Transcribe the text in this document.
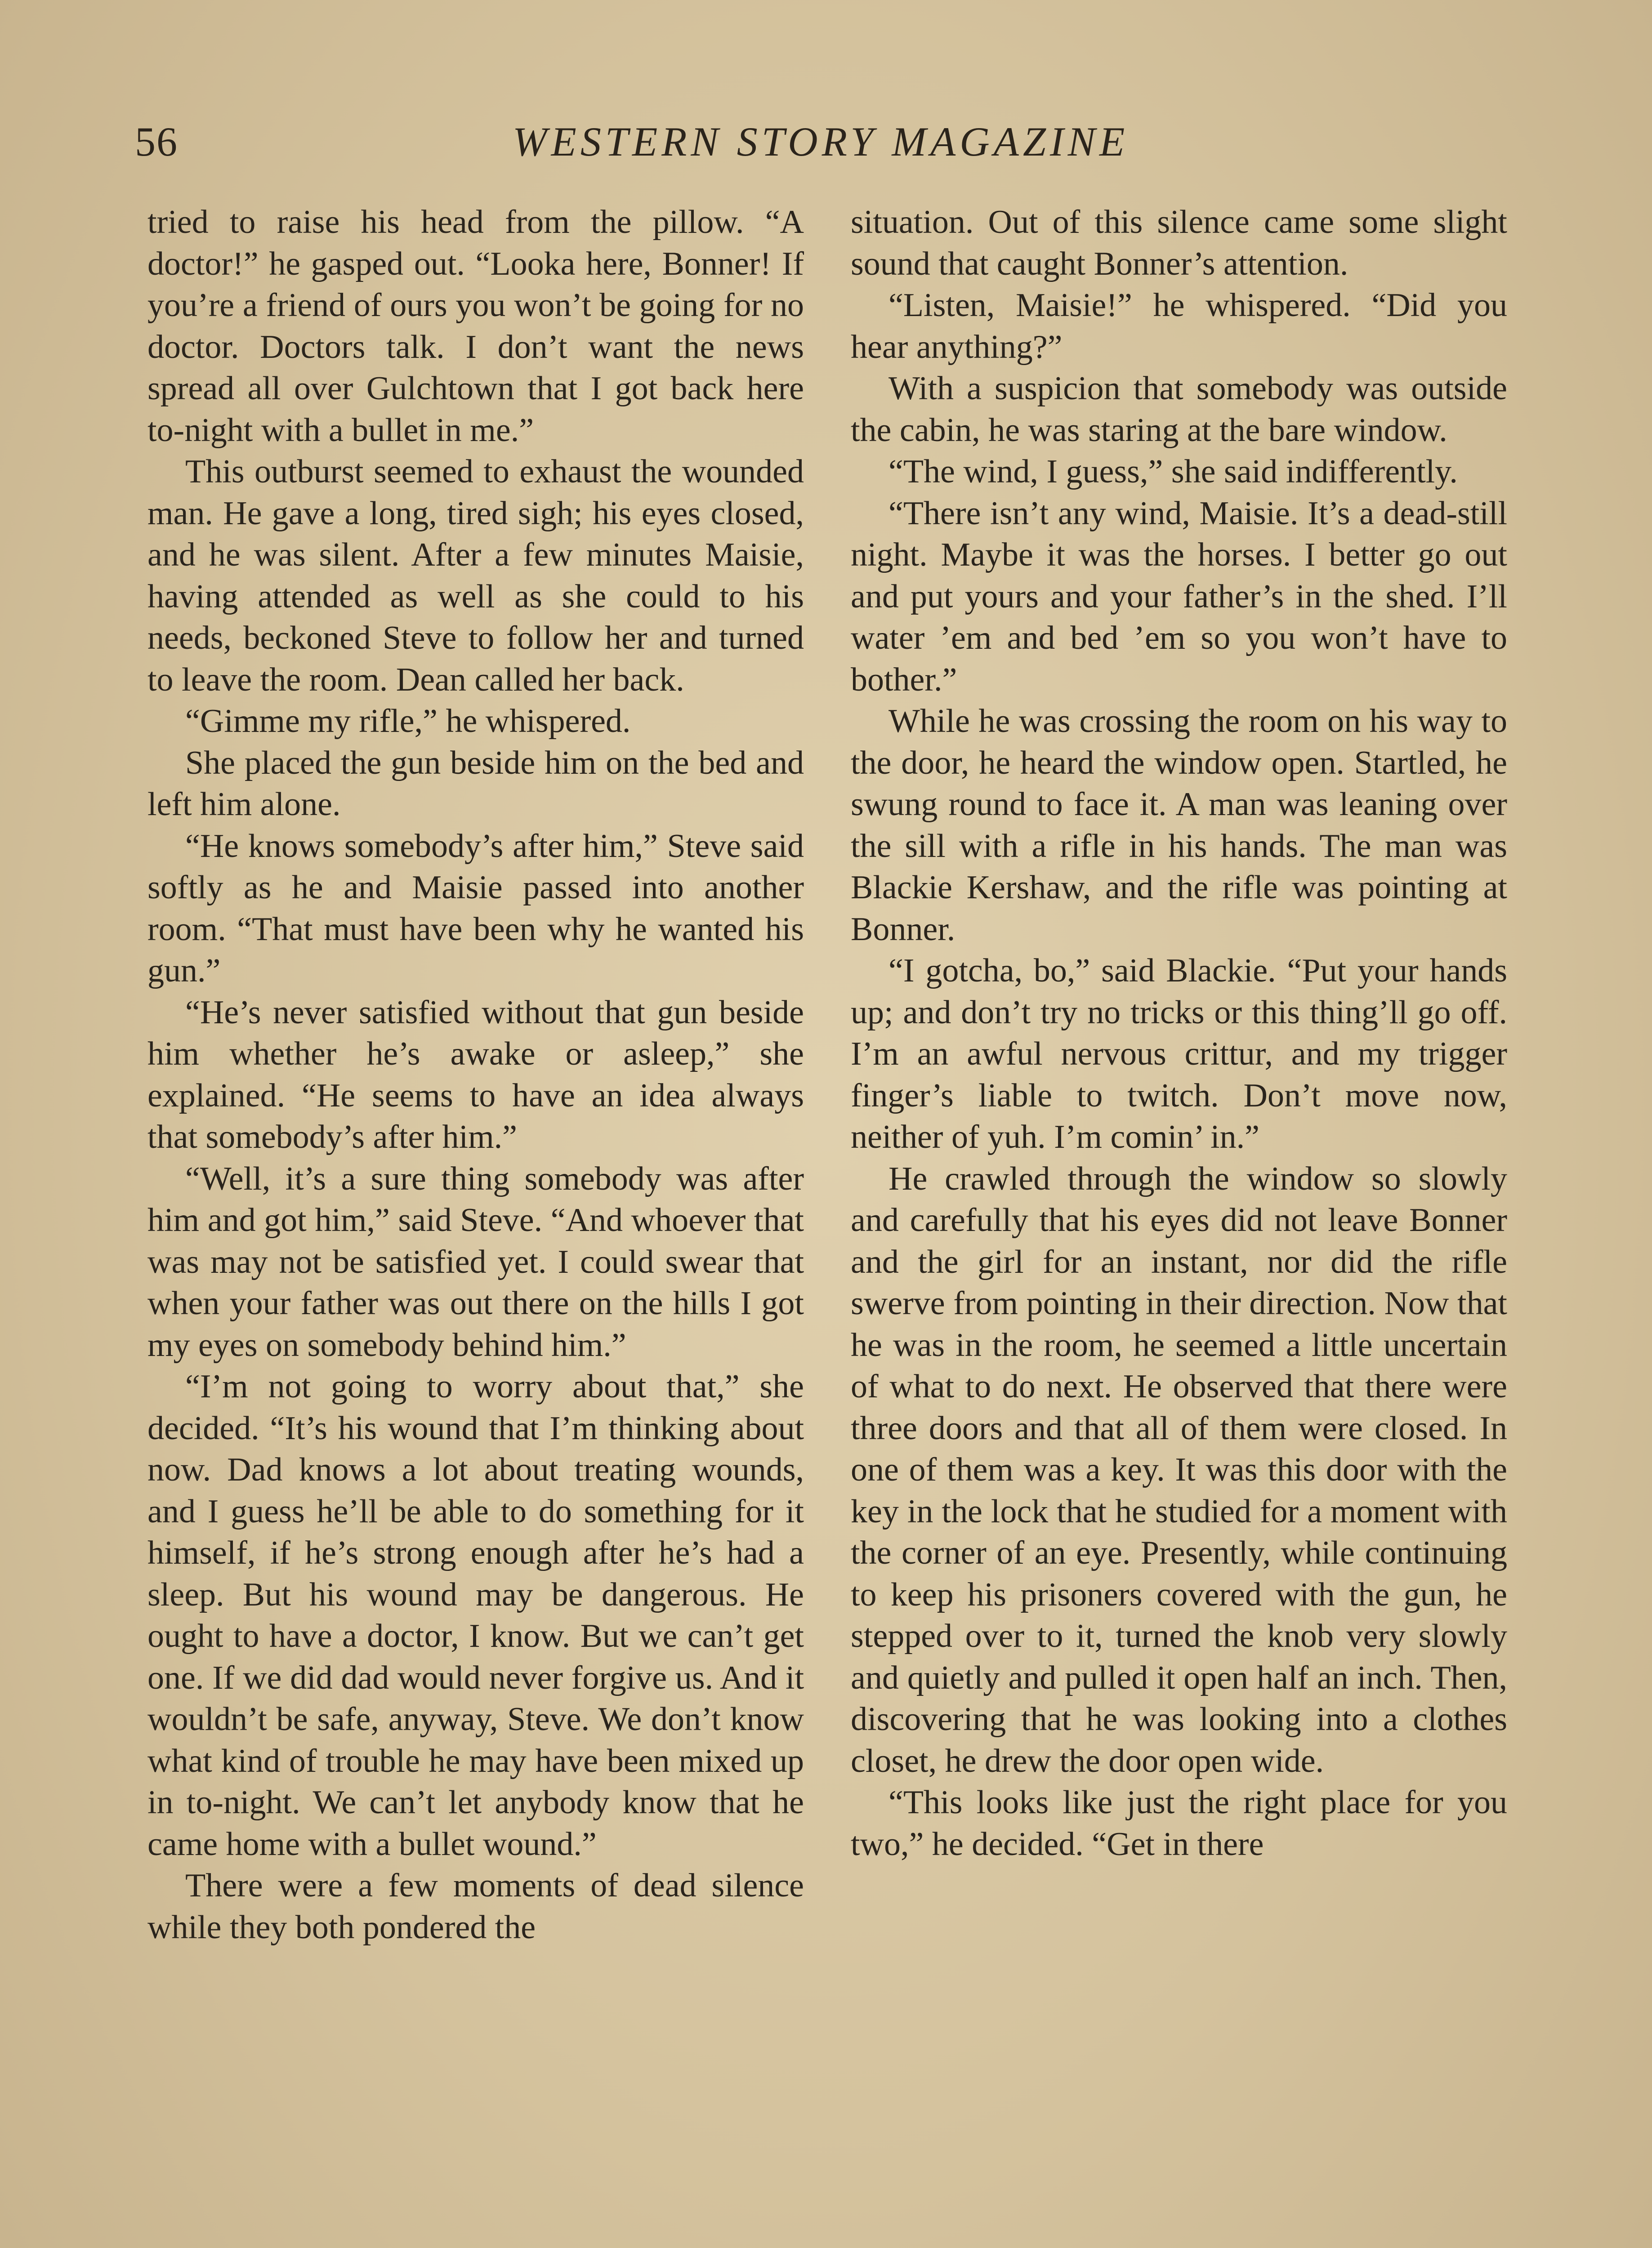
56	WESTERN STORY MAGAZINE

tried to raise his head from the pillow. “A doctor!” he gasped out. “Looka here, Bonner! If you’re a friend of ours you won’t be going for no doctor. Doctors talk. I don’t want the news spread all over Gulchtown that I got back here to-night with a bullet in me.”

This outburst seemed to exhaust the wounded man. He gave a long, tired sigh; his eyes closed, and he was silent. After a few minutes Maisie, having attended as well as she could to his needs, beckoned Steve to follow her and turned to leave the room. Dean called her back.

“Gimme my rifle,” he whispered.

She placed the gun beside him on the bed and left him alone.

“He knows somebody’s after him,” Steve said softly as he and Maisie passed into another room. “That must have been why he wanted his gun.”

“He’s never satisfied without that gun beside him whether he’s awake or asleep,” she explained. “He seems to have an idea always that somebody’s after him.”

“Well, it’s a sure thing somebody was after him and got him,” said Steve. “And whoever that was may not be satisfied yet. I could swear that when your father was out there on the hills I got my eyes on somebody behind him.”

“I’m not going to worry about that,” she decided. “It’s his wound that I’m thinking about now. Dad knows a lot about treating wounds, and I guess he’ll be able to do something for it himself, if he’s strong enough after he’s had a sleep. But his wound may be dangerous. He ought to have a doctor, I know. But we can’t get one. If we did dad would never forgive us. And it wouldn’t be safe, anyway, Steve. We don’t know what kind of trouble he may have been mixed up in to-night. We can’t let anybody know that he came home with a bullet wound.”

There were a few moments of dead silence while they both pondered the

situation. Out of this silence came some slight sound that caught Bonner’s attention.

“Listen, Maisie!” he whispered. “Did you hear anything?”

With a suspicion that somebody was outside the cabin, he was staring at the bare window.

“The wind, I guess,” she said indifferently.

“There isn’t any wind, Maisie. It’s a dead-still night. Maybe it was the horses. I better go out and put yours and your father’s in the shed. I’ll water ’em and bed ’em so you won’t have to bother.”

While he was crossing the room on his way to the door, he heard the window open. Startled, he swung round to face it. A man was leaning over the sill with a rifle in his hands. The man was Blackie Kershaw, and the rifle was pointing at Bonner.

“I gotcha, bo,” said Blackie. “Put your hands up; and don’t try no tricks or this thing’ll go off. I’m an awful nervous crittur, and my trigger finger’s liable to twitch. Don’t move now, neither of yuh. I’m comin’ in.”

He crawled through the window so slowly and carefully that his eyes did not leave Bonner and the girl for an instant, nor did the rifle swerve from pointing in their direction. Now that he was in the room, he seemed a little uncertain of what to do next. He observed that there were three doors and that all of them were closed. In one of them was a key. It was this door with the key in the lock that he studied for a moment with the corner of an eye. Presently, while continuing to keep his prisoners covered with the gun, he stepped over to it, turned the knob very slowly and quietly and pulled it open half an inch. Then, discovering that he was looking into a clothes closet, he drew the door open wide.

“This looks like just the right place for you two,” he decided. “Get in there
